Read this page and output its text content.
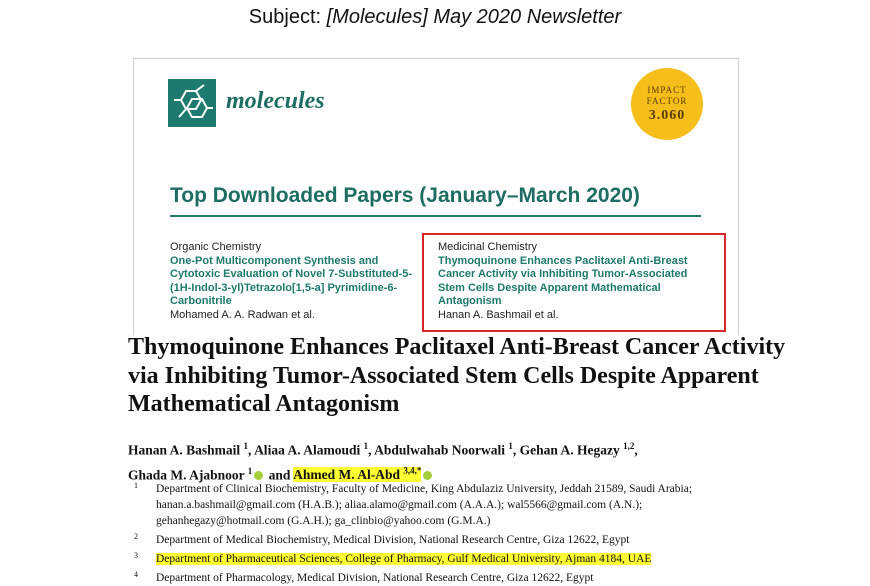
Subject: [Molecules] May 2020 Newsletter
molecules	IMPACT
FACTOR
3.060
Top Downloaded Papers (January–March 2020)
Organic Chemistry
One-Pot Multicomponent Synthesis and Cytotoxic Evaluation of Novel 7-Substituted-5-(1H-Indol-3-yl)Tetrazolo[1,5-a] Pyrimidine-6-Carbonitrile
Mohamed A. A. Radwan et al.
Medicinal Chemistry
Thymoquinone Enhances Paclitaxel Anti-Breast Cancer Activity via Inhibiting Tumor-Associated Stem Cells Despite Apparent Mathematical Antagonism
Hanan A. Bashmail et al.
Thymoquinone Enhances Paclitaxel Anti-Breast Cancer Activity via Inhibiting Tumor-Associated Stem Cells Despite Apparent Mathematical Antagonism
Hanan A. Bashmail $^1$, Aliaa A. Alamoudi $^1$, Abdulwahab Noorwali $^1$, Gehan A. Hegazy $^{1,2}$,
Ghada M. Ajabnoor $^1$ and Ahmed M. Al-Abd $^{3,4,*}$
1 Department of Clinical Biochemistry, Faculty of Medicine, King Abdulaziz University, Jeddah 21589, Saudi Arabia; hanan.a.bashmail@gmail.com (H.A.B.); aliaa.alamo@gmail.com (A.A.A.); wal5566@gmail.com (A.N.); gehanhegazy@hotmail.com (G.A.H.); ga_clinbio@yahoo.com (G.M.A.)
2 Department of Medical Biochemistry, Medical Division, National Research Centre, Giza 12622, Egypt
3 Department of Pharmaceutical Sciences, College of Pharmacy, Gulf Medical University, Ajman 4184, UAE
4 Department of Pharmacology, Medical Division, National Research Centre, Giza 12622, Egypt
